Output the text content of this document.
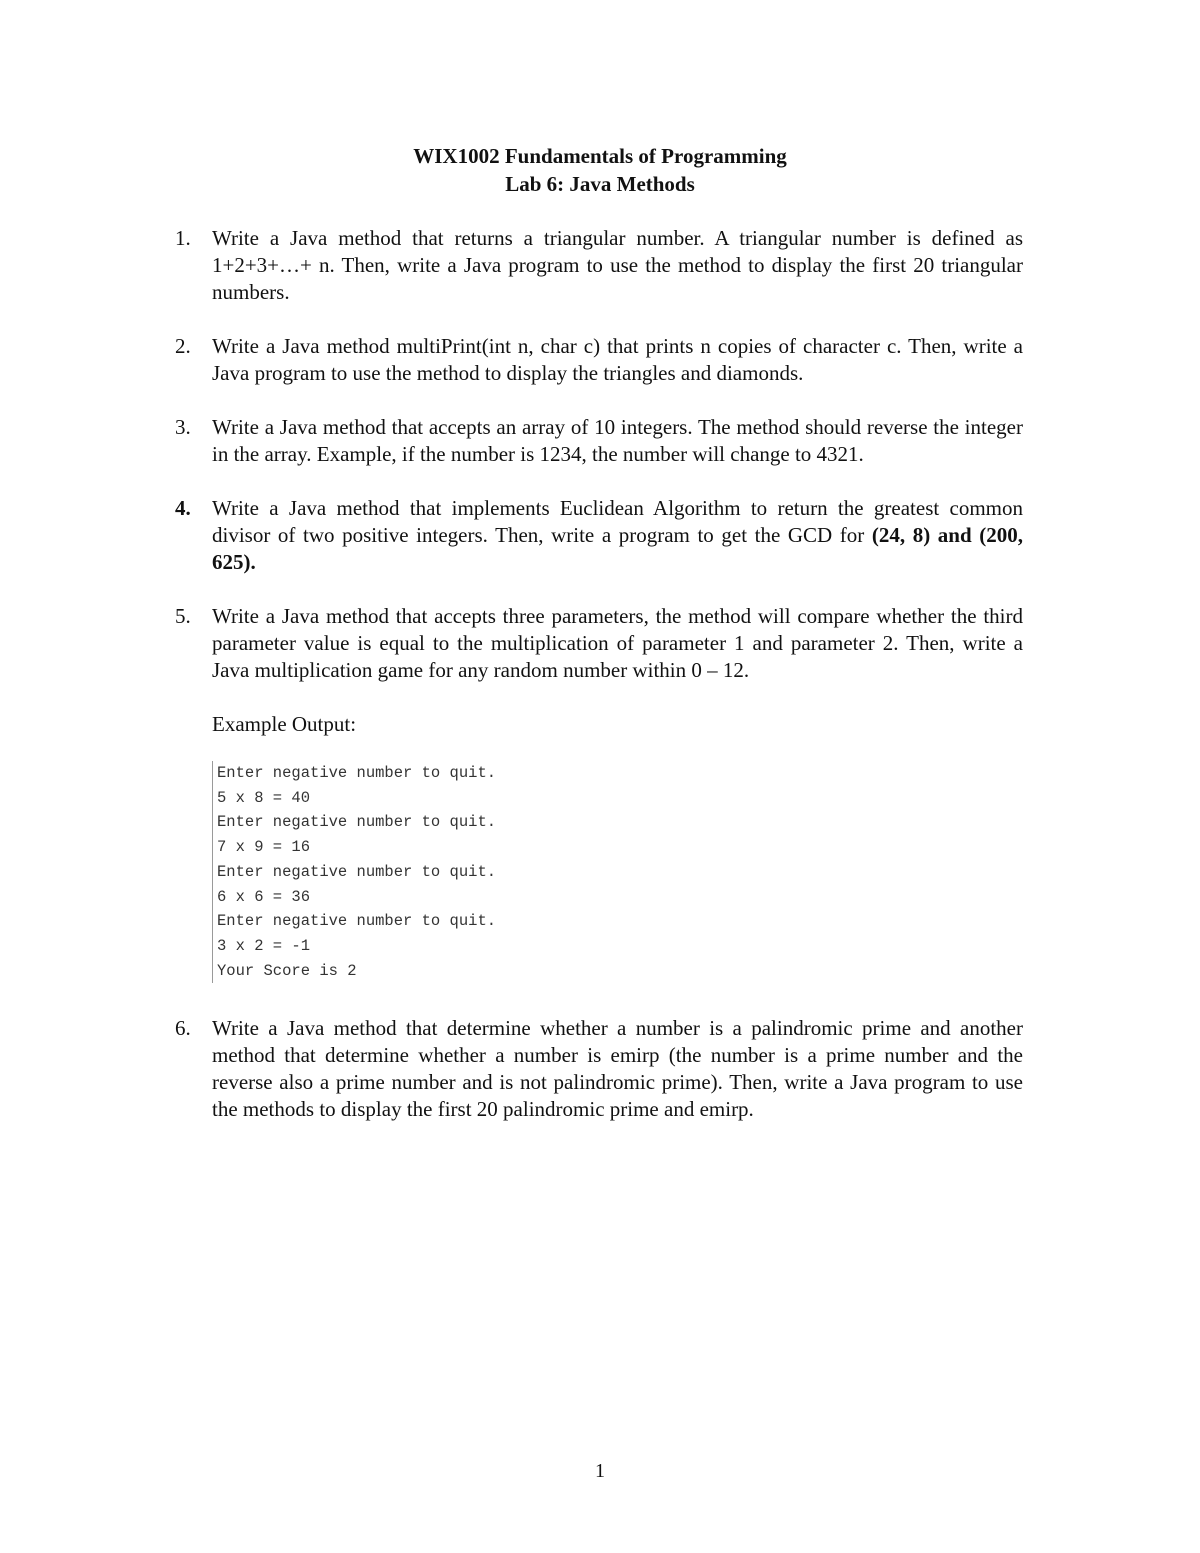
WIX1002 Fundamentals of Programming
Lab 6: Java Methods
1.	Write a Java method that returns a triangular number. A triangular number is defined as 1+2+3+…+ n. Then, write a Java program to use the method to display the first 20 triangular numbers.
2.	Write a Java method multiPrint(int n, char c) that prints n copies of character c. Then, write a Java program to use the method to display the triangles and diamonds.
3.	Write a Java method that accepts an array of 10 integers. The method should reverse the integer in the array. Example, if the number is 1234, the number will change to 4321.
4.	Write a Java method that implements Euclidean Algorithm to return the greatest common divisor of two positive integers. Then, write a program to get the GCD for (24, 8) and (200, 625).
5.	Write a Java method that accepts three parameters, the method will compare whether the third parameter value is equal to the multiplication of parameter 1 and parameter 2. Then, write a Java multiplication game for any random number within 0 – 12.
Example Output:
Enter negative number to quit.
5 x 8 = 40
Enter negative number to quit.
7 x 9 = 16
Enter negative number to quit.
6 x 6 = 36
Enter negative number to quit.
3 x 2 = -1
Your Score is 2
6.	Write a Java method that determine whether a number is a palindromic prime and another method that determine whether a number is emirp (the number is a prime number and the reverse also a prime number and is not palindromic prime). Then, write a Java program to use the methods to display the first 20 palindromic prime and emirp.
1
